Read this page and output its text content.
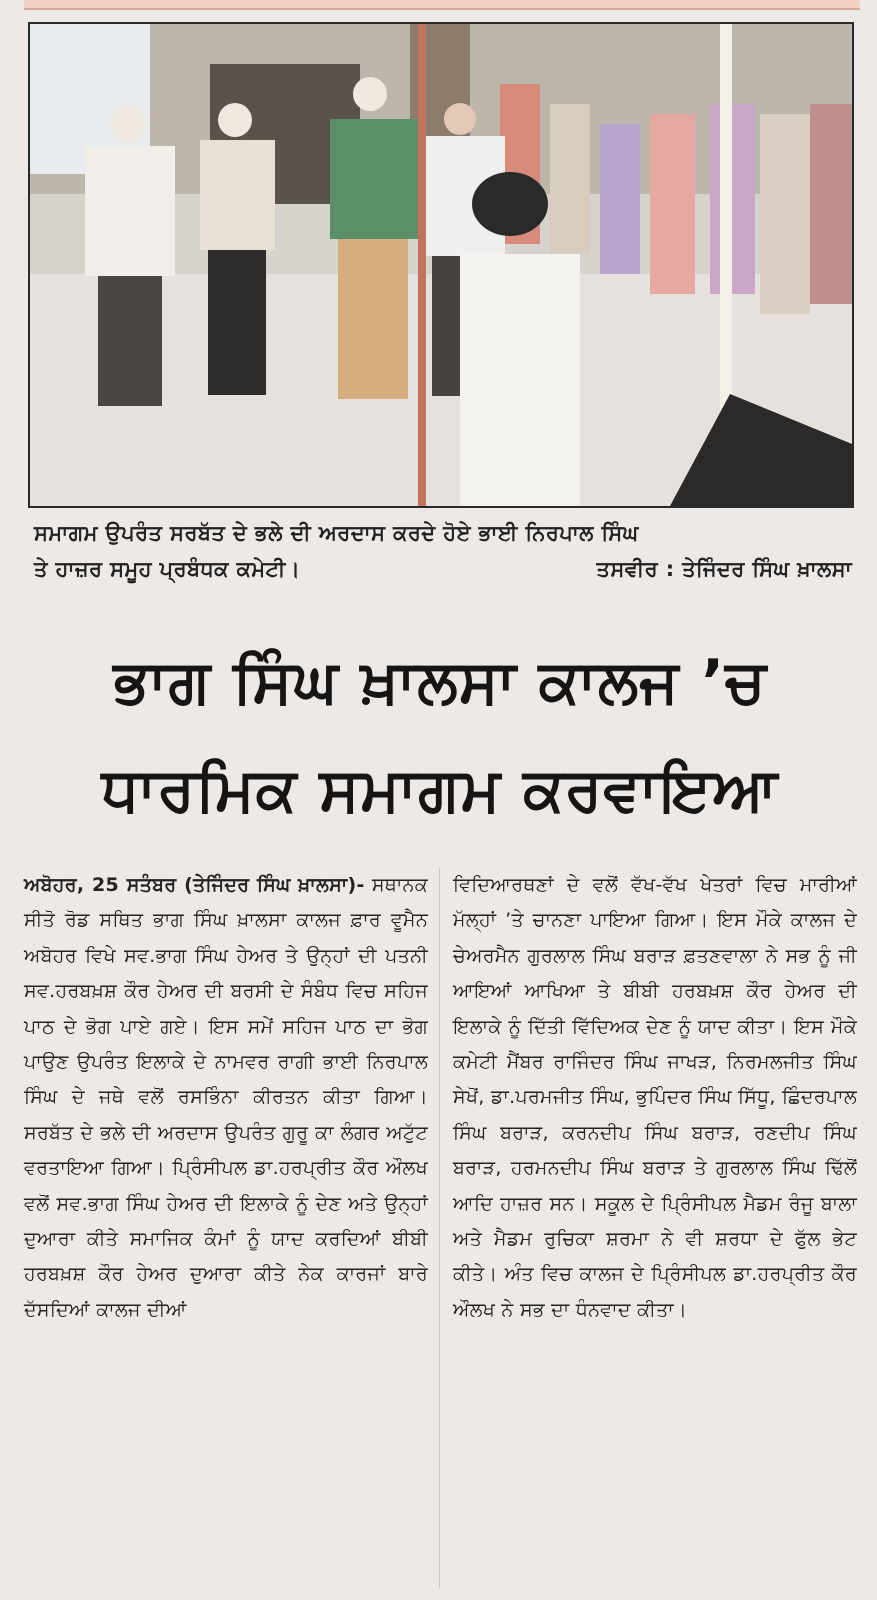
ਸਮਾਗਮ ਉਪਰੰਤ ਸਰਬੱਤ ਦੇ ਭਲੇ ਦੀ ਅਰਦਾਸ ਕਰਦੇ ਹੋਏ ਭਾਈ ਨਿਰਪਾਲ ਸਿੰਘ
ਤੇ ਹਾਜ਼ਰ ਸਮੂਹ ਪ੍ਰਬੰਧਕ ਕਮੇਟੀ।	ਤਸਵੀਰ : ਤੇਜਿੰਦਰ ਸਿੰਘ ਖ਼ਾਲਸਾ
ਭਾਗ ਸਿੰਘ ਖ਼ਾਲਸਾ ਕਾਲਜ ’ਚ
ਧਾਰਮਿਕ ਸਮਾਗਮ ਕਰਵਾਇਆ
ਅਬੋਹਰ, 25 ਸਤੰਬਰ (ਤੇਜਿੰਦਰ ਸਿੰਘ ਖ਼ਾਲਸਾ)- ਸਥਾਨਕ ਸੀਤੋ ਰੋਡ ਸਥਿਤ ਭਾਗ ਸਿੰਘ ਖ਼ਾਲਸਾ ਕਾਲਜ ਫ਼ਾਰ ਵੂਮੈਨ ਅਬੋਹਰ ਵਿਖੇ ਸਵ.ਭਾਗ ਸਿੰਘ ਹੇਅਰ ਤੇ ਉਨ੍ਹਾਂ ਦੀ ਪਤਨੀ ਸਵ.ਹਰਬਖ਼ਸ਼ ਕੌਰ ਹੇਅਰ ਦੀ ਬਰਸੀ ਦੇ ਸੰਬੰਧ ਵਿਚ ਸਹਿਜ ਪਾਠ ਦੇ ਭੋਗ ਪਾਏ ਗਏ। ਇਸ ਸਮੇਂ ਸਹਿਜ ਪਾਠ ਦਾ ਭੋਗ ਪਾਉਣ ਉਪਰੰਤ ਇਲਾਕੇ ਦੇ ਨਾਮਵਰ ਰਾਗੀ ਭਾਈ ਨਿਰਪਾਲ ਸਿੰਘ ਦੇ ਜਥੇ ਵਲੋਂ ਰਸਭਿੰਨਾ ਕੀਰਤਨ ਕੀਤਾ ਗਿਆ। ਸਰਬੱਤ ਦੇ ਭਲੇ ਦੀ ਅਰਦਾਸ ਉਪਰੰਤ ਗੁਰੂ ਕਾ ਲੰਗਰ ਅਟੁੱਟ ਵਰਤਾਇਆ ਗਿਆ। ਪ੍ਰਿੰਸੀਪਲ ਡਾ.ਹਰਪ੍ਰੀਤ ਕੌਰ ਔਲਖ ਵਲੋਂ ਸਵ.ਭਾਗ ਸਿੰਘ ਹੇਅਰ ਦੀ ਇਲਾਕੇ ਨੂੰ ਦੇਣ ਅਤੇ ਉਨ੍ਹਾਂ ਦੁਆਰਾ ਕੀਤੇ ਸਮਾਜਿਕ ਕੰਮਾਂ ਨੂੰ ਯਾਦ ਕਰਦਿਆਂ ਬੀਬੀ ਹਰਬਖ਼ਸ਼ ਕੌਰ ਹੇਅਰ ਦੁਆਰਾ ਕੀਤੇ ਨੇਕ ਕਾਰਜਾਂ ਬਾਰੇ ਦੱਸਦਿਆਂ ਕਾਲਜ ਦੀਆਂ
ਵਿਦਿਆਰਥਣਾਂ ਦੇ ਵਲੋਂ ਵੱਖ-ਵੱਖ ਖੇਤਰਾਂ ਵਿਚ ਮਾਰੀਆਂ ਮੱਲ੍ਹਾਂ ’ਤੇ ਚਾਨਣਾ ਪਾਇਆ ਗਿਆ। ਇਸ ਮੌਕੇ ਕਾਲਜ ਦੇ ਚੇਅਰਮੈਨ ਗੁਰਲਾਲ ਸਿੰਘ ਬਰਾੜ ਫ਼ਤਣਵਾਲਾ ਨੇ ਸਭ ਨੂੰ ਜੀ ਆਇਆਂ ਆਖਿਆ ਤੇ ਬੀਬੀ ਹਰਬਖ਼ਸ਼ ਕੌਰ ਹੇਅਰ ਦੀ ਇਲਾਕੇ ਨੂੰ ਦਿੱਤੀ ਵਿੱਦਿਅਕ ਦੇਣ ਨੂੰ ਯਾਦ ਕੀਤਾ। ਇਸ ਮੌਕੇ ਕਮੇਟੀ ਮੈਂਬਰ ਰਾਜਿੰਦਰ ਸਿੰਘ ਜਾਖੜ, ਨਿਰਮਲਜੀਤ ਸਿੰਘ ਸੇਖੋਂ, ਡਾ.ਪਰਮਜੀਤ ਸਿੰਘ, ਭੁਪਿੰਦਰ ਸਿੰਘ ਸਿੱਧੂ, ਛਿੰਦਰਪਾਲ ਸਿੰਘ ਬਰਾੜ, ਕਰਨਦੀਪ ਸਿੰਘ ਬਰਾੜ, ਰਣਦੀਪ ਸਿੰਘ ਬਰਾੜ, ਹਰਮਨਦੀਪ ਸਿੰਘ ਬਰਾੜ ਤੇ ਗੁਰਲਾਲ ਸਿੰਘ ਢਿੱਲੋਂ ਆਦਿ ਹਾਜ਼ਰ ਸਨ। ਸਕੂਲ ਦੇ ਪ੍ਰਿੰਸੀਪਲ ਮੈਡਮ ਰੰਜੂ ਬਾਲਾ ਅਤੇ ਮੈਡਮ ਰੁਚਿਕਾ ਸ਼ਰਮਾ ਨੇ ਵੀ ਸ਼ਰਧਾ ਦੇ ਫੁੱਲ ਭੇਟ ਕੀਤੇ। ਅੰਤ ਵਿਚ ਕਾਲਜ ਦੇ ਪ੍ਰਿੰਸੀਪਲ ਡਾ.ਹਰਪ੍ਰੀਤ ਕੌਰ ਔਲਖ ਨੇ ਸਭ ਦਾ ਧੰਨਵਾਦ ਕੀਤਾ।
